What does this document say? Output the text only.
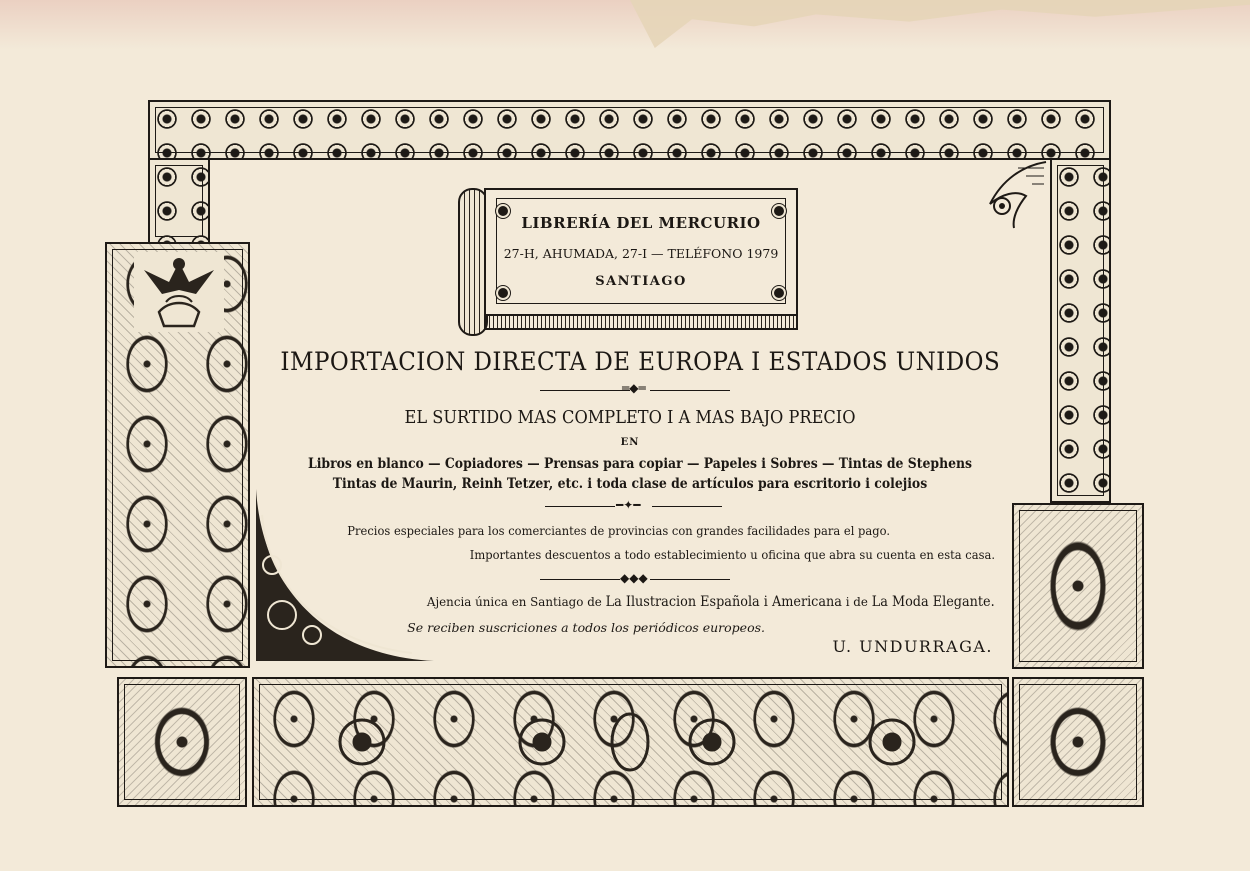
LIBRERÍA DEL MERCURIO
27-H, AHUMADA, 27-I — TELÉFONO 1979
SANTIAGO
IMPORTACION DIRECTA DE EUROPA I ESTADOS UNIDOS
═◆═
EL SURTIDO MAS COMPLETO I A MAS BAJO PRECIO
EN
Libros en blanco — Copiadores — Prensas para copiar — Papeles i Sobres — Tintas de Stephens
Tintas de Maurin, Reinh Tetzer, etc. i toda clase de artículos para escritorio i colejios
━✦━
Precios especiales para los comerciantes de provincias con grandes facilidades para el pago.
Importantes descuentos a todo establecimiento u oficina que abra su cuenta en esta casa.
◆◆◆
Ajencia única en Santiago de La Ilustracion Española i Americana i de La Moda Elegante.
Se reciben suscriciones a todos los periódicos europeos.
U. UNDURRAGA.
